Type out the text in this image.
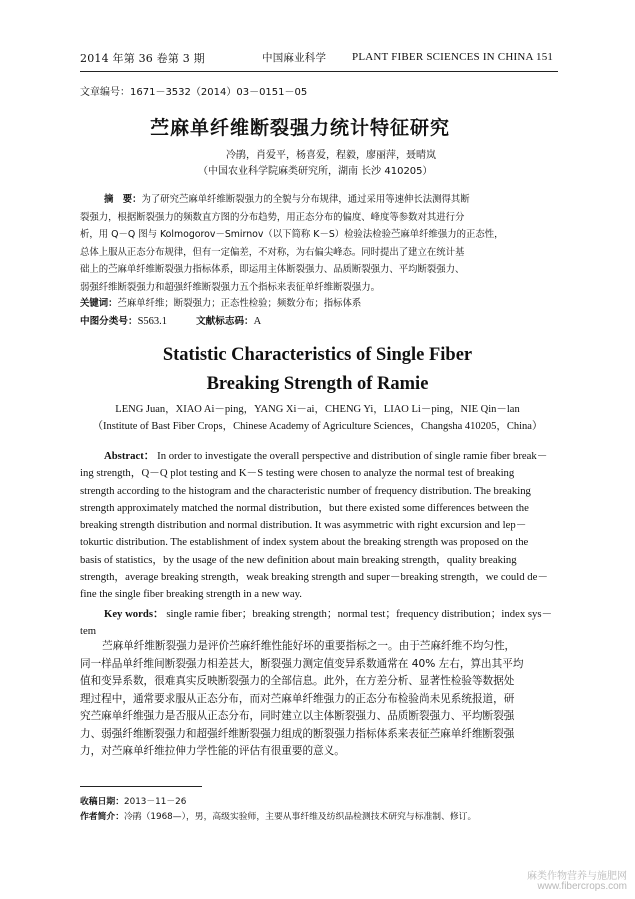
2014 年第 36 卷第 3 期	中国麻业科学 PLANT FIBER SCIENCES IN CHINA 151
文章编号：1671－3532（2014）03－0151－05
苎麻单纤维断裂强力统计特征研究
冷鹃，肖爱平，杨喜爱，程毅，廖丽萍，聂晴岚
（中国农业科学院麻类研究所，湖南 长沙 410205）
摘　要：为了研究苎麻单纤维断裂强力的全貌与分布规律，通过采用等速伸长法测得其断
裂强力，根据断裂强力的频数直方图的分布趋势，用正态分布的偏度、峰度等参数对其进行分
析，用 Q－Q 图与 Kolmogorov－Smirnov（以下简称 K－S）检验法检验苎麻单纤维强力的正态性，
总体上服从正态分布规律，但有一定偏差，不对称，为右偏尖峰态。同时提出了建立在统计基
础上的苎麻单纤维断裂强力指标体系，即运用主体断裂强力、品质断裂强力、平均断裂强力、
弱强纤维断裂强力和超强纤维断裂强力五个指标来表征单纤维断裂强力。
关键词：苎麻单纤维；断裂强力；正态性检验；频数分布；指标体系
中图分类号：S563.1	文献标志码：A
Statistic Characteristics of Single Fiber
Breaking Strength of Ramie
LENG Juan，XIAO Ai－ping，YANG Xi－ai，CHENG Yi，LIAO Li－ping，NIE Qin－lan
（Institute of Bast Fiber Crops，Chinese Academy of Agriculture Sciences，Changsha 410205，China）
Abstract： In order to investigate the overall perspective and distribution of single ramie fiber break－
ing strength，Q－Q plot testing and K－S testing were chosen to analyze the normal test of breaking
strength according to the histogram and the characteristic number of frequency distribution. The breaking
strength approximately matched the normal distribution，but there existed some differences between the
breaking strength distribution and normal distribution. It was asymmetric with right excursion and lep－
tokurtic distribution. The establishment of index system about the breaking strength was proposed on the
basis of statistics，by the usage of the new definition about main breaking strength，quality breaking
strength，average breaking strength，weak breaking strength and super－breaking strength，we could de－
fine the single fiber breaking strength in a new way.
Key words： single ramie fiber；breaking strength；normal test；frequency distribution；index sys－
tem
苎麻单纤维断裂强力是评价苎麻纤维性能好坏的重要指标之一。由于苎麻纤维不均匀性，
同一样品单纤维间断裂强力相差甚大，断裂强力测定值变异系数通常在 40% 左右，算出其平均
值和变异系数，很难真实反映断裂强力的全部信息。此外，在方差分析、显著性检验等数据处
理过程中，通常要求服从正态分布，而对苎麻单纤维强力的正态分布检验尚未见系统报道，研
究苎麻单纤维强力是否服从正态分布，同时建立以主体断裂强力、品质断裂强力、平均断裂强
力、弱强纤维断裂强力和超强纤维断裂强力组成的断裂强力指标体系来表征苎麻单纤维断裂强
力，对苎麻单纤维拉伸力学性能的评估有很重要的意义。
收稿日期：2013－11－26
作者简介：冷鹃（1968—），男，高级实验师，主要从事纤维及纺织品检测技术研究与标准制、修订。
麻类作物营养与施肥网
www.fibercrops.com
